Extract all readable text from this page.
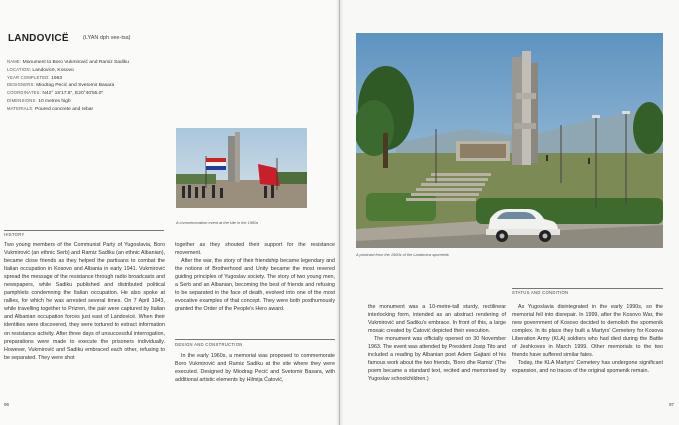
LANDOVICË	(LYAN dph vee-tsa)
NAME: Monument to Boro Vukmirović and Ramiz Sadiku
LOCATION: Landovicë, Kosovo
YEAR COMPLETED: 1963
DESIGNERS: Miodrag Pecić and Svetomir Basara
COORDINATES: N42° 15'17.5", E20°40'55.0"
DIMENSIONS: 10 metres high
MATERIALS: Poured concrete and rebar
A commemoration event at the site in the 1980s
HISTORY

Two young members of the Communist Party of Yugoslavia, Boro Vukmirović (an ethnic Serb) and Ramiz Sadiku (an ethnic Albanian), became close friends as they helped the partisans to combat the Italian occupation in Kosovo and Albania in early 1941. Vukmirović spread the message of the resistance through radio broadcasts and newspapers, while Sadiku published and distributed political pamphlets condemning the Italian occupation. He also spoke at rallies, for which he was arrested several times. On 7 April 1943, while travelling together to Prizren, the pair were captured by Italian and Albanian occupation forces just east of Landovicë. When their identities were discovered, they were tortured to extract information on resistance activity. After three days of unsuccessful interrogation, preparations were made to execute the prisoners individually. However, Vukmirović and Sadiku embraced each other, refusing to be separated. They were shot

together as they shouted their support for the resistance movement.

After the war, the story of their friendship became legendary and the notions of Brotherhood and Unity became the most revered guiding principles of Yugoslav society. The story of two young men, a Serb and an Albanian, becoming the best of friends and refusing to be separated in the face of death, evolved into one of the most evocative examples of that concept. They were both posthumously granted the Order of the People's Hero award.

DESIGN AND CONSTRUCTION

In the early 1960s, a memorial was proposed to commemorate Boro Vukmirović and Ramiz Sadiku at the site where they were executed. Designed by Miodrag Pecić and Svetomir Basara, with additional artistic elements by Hilmija Ćatović,

96	97
A postcard from the 1960s of the Landovica spomenik

the monument was a 10-metre-tall sturdy, rectilinear interlocking form, intended as an abstract rendering of Vukmirović and Sadiku's embrace. In front of this, a large mosaic created by Ćatović depicted their execution.

The monument was officially opened on 30 November 1963. The event was attended by President Josip Tito and included a reading by Albanian poet Adem Gajtani of his famous work about the two friends, 'Boro dhe Ramiz' (The poem became a standard text, recited and memorised by Yugoslav schoolchildren.)

STATUS AND CONDITION

As Yugoslavia disintegrated in the early 1990s, so the memorial fell into disrepair. In 1999, after the Kosovo War, the new government of Kosovo decided to demolish the spomenik complex. In its place they built a Martyrs' Cemetery for Kosova Liberation Army (KLA) soldiers who had died during the Battle of Jeshkoves in March 1999. Other memorials to the two friends have suffered similar fates.

Today, the KLA Martyrs' Cemetery has undergone significant expansion, and no traces of the original spomenik remain.
